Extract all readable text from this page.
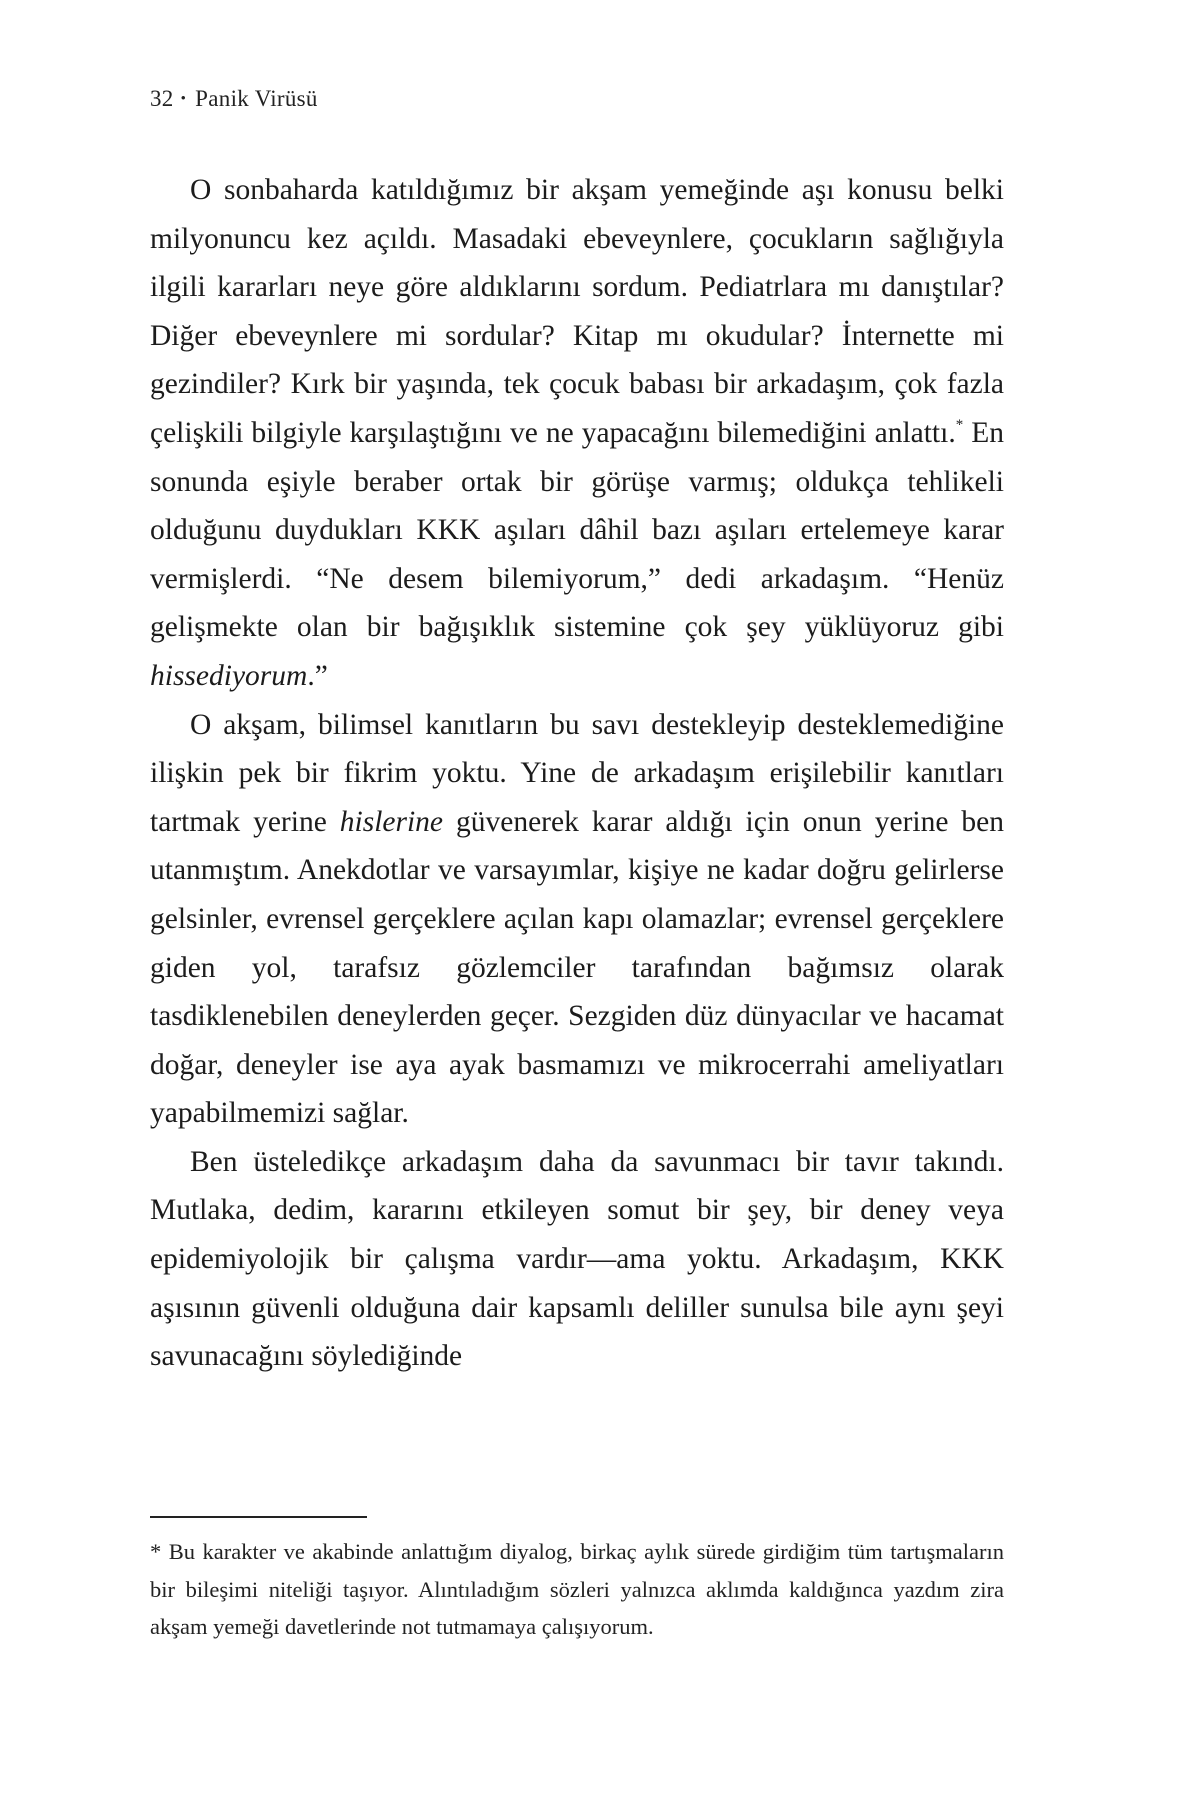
32 • Panik Virüsü

O sonbaharda katıldığımız bir akşam yemeğinde aşı konusu belki milyonuncu kez açıldı. Masadaki ebeveynlere, çocukların sağlığıyla ilgili kararları neye göre aldıklarını sordum. Pediatrlara mı danıştılar? Diğer ebeveynlere mi sordular? Kitap mı okudular? İnternette mi gezindiler? Kırk bir yaşında, tek çocuk babası bir arkadaşım, çok fazla çelişkili bilgiyle karşılaştığını ve ne yapacağını bilemediğini anlattı.* En sonunda eşiyle beraber ortak bir görüşe varmış; oldukça tehlikeli olduğunu duydukları KKK aşıları dâhil bazı aşıları ertelemeye karar vermişlerdi. “Ne desem bilemiyorum,” dedi arkadaşım. “Henüz gelişmekte olan bir bağışıklık sistemine çok şey yüklüyoruz gibi hissediyorum.”

O akşam, bilimsel kanıtların bu savı destekleyip desteklemediğine ilişkin pek bir fikrim yoktu. Yine de arkadaşım erişilebilir kanıtları tartmak yerine hislerine güvenerek karar aldığı için onun yerine ben utanmıştım. Anekdotlar ve varsayımlar, kişiye ne kadar doğru gelirlerse gelsinler, evrensel gerçeklere açılan kapı olamazlar; evrensel gerçeklere giden yol, tarafsız gözlemciler tarafından bağımsız olarak tasdiklenebilen deneylerden geçer. Sezgiden düz dünyacılar ve hacamat doğar, deneyler ise aya ayak basmamızı ve mikrocerrahi ameliyatları yapabilmemizi sağlar.

Ben üsteledikçe arkadaşım daha da savunmacı bir tavır takındı. Mutlaka, dedim, kararını etkileyen somut bir şey, bir deney veya epidemiyolojik bir çalışma vardır—ama yoktu. Arkadaşım, KKK aşısının güvenli olduğuna dair kapsamlı deliller sunulsa bile aynı şeyi savunacağını söylediğinde

* Bu karakter ve akabinde anlattığım diyalog, birkaç aylık sürede girdiğim tüm tartışmaların bir bileşimi niteliği taşıyor. Alıntıladığım sözleri yalnızca aklımda kaldığınca yazdım zira akşam yemeği davetlerinde not tutmamaya çalışıyorum.
